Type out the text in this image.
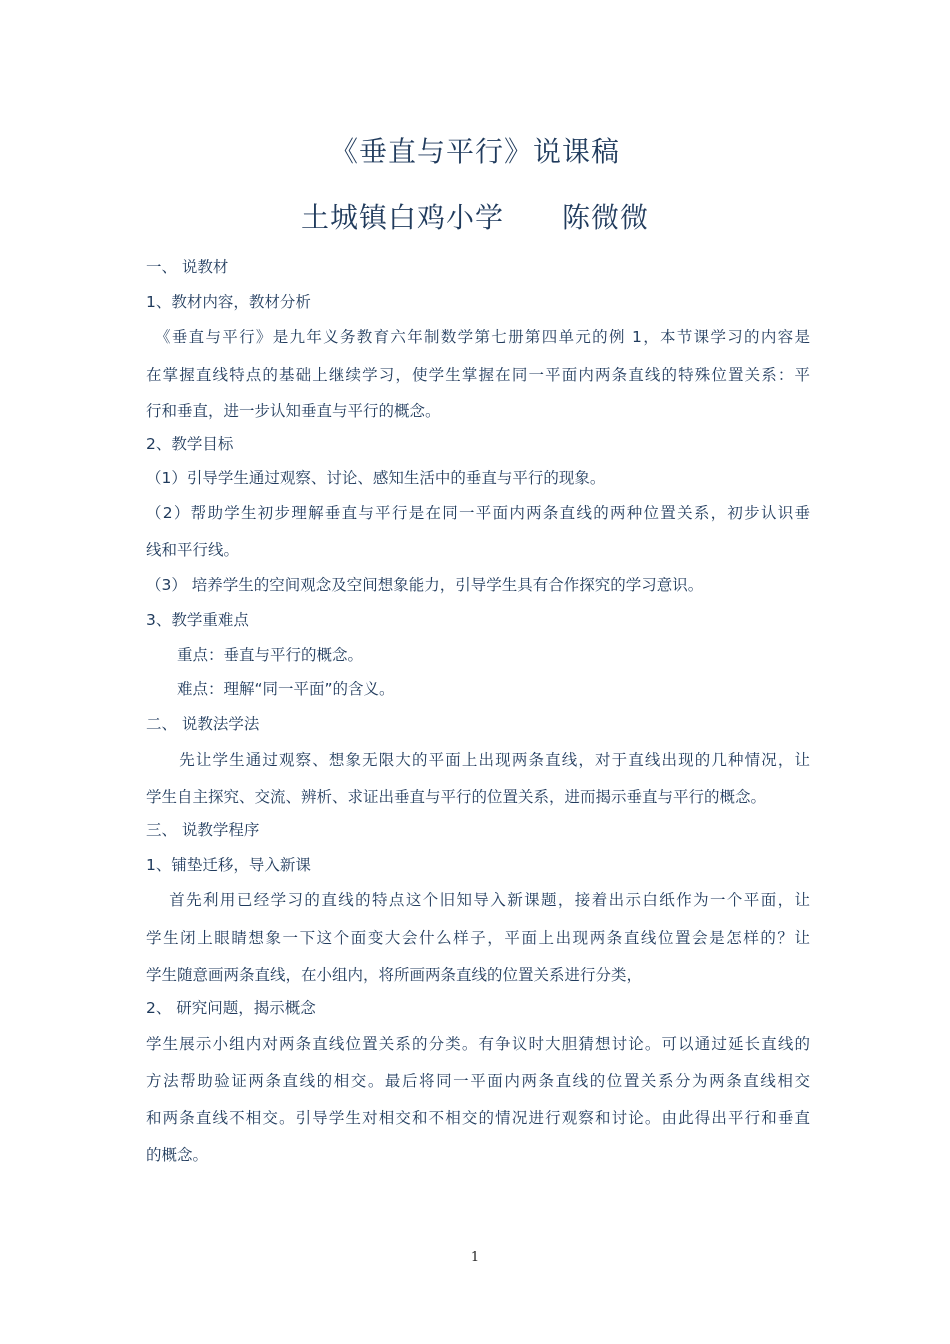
《垂直与平行》说课稿
土城镇白鸡小学　　陈微微
一、 说教材
1、教材内容，教材分析
　《垂直与平行》是九年义务教育六年制数学第七册第四单元的例 1，本节课学习的内容是
在掌握直线特点的基础上继续学习，使学生掌握在同一平面内两条直线的特殊位置关系：平
行和垂直，进一步认知垂直与平行的概念。
2、教学目标
（1）引导学生通过观察、讨论、感知生活中的垂直与平行的现象。
（2）帮助学生初步理解垂直与平行是在同一平面内两条直线的两种位置关系，初步认识垂
线和平行线。
（3） 培养学生的空间观念及空间想象能力，引导学生具有合作探究的学习意识。
3、教学重难点
　　重点：垂直与平行的概念。
　　难点：理解“同一平面”的含义。
二、 说教法学法
　　先让学生通过观察、想象无限大的平面上出现两条直线，对于直线出现的几种情况，让
学生自主探究、交流、辨析、求证出垂直与平行的位置关系，进而揭示垂直与平行的概念。
三、 说教学程序
1、铺垫迁移，导入新课
　 首先利用已经学习的直线的特点这个旧知导入新课题，接着出示白纸作为一个平面，让
学生闭上眼睛想象一下这个面变大会什么样子，平面上出现两条直线位置会是怎样的？让
学生随意画两条直线，在小组内，将所画两条直线的位置关系进行分类，
2、 研究问题，揭示概念
学生展示小组内对两条直线位置关系的分类。有争议时大胆猜想讨论。可以通过延长直线的
方法帮助验证两条直线的相交。最后将同一平面内两条直线的位置关系分为两条直线相交
和两条直线不相交。引导学生对相交和不相交的情况进行观察和讨论。由此得出平行和垂直
的概念。
1
